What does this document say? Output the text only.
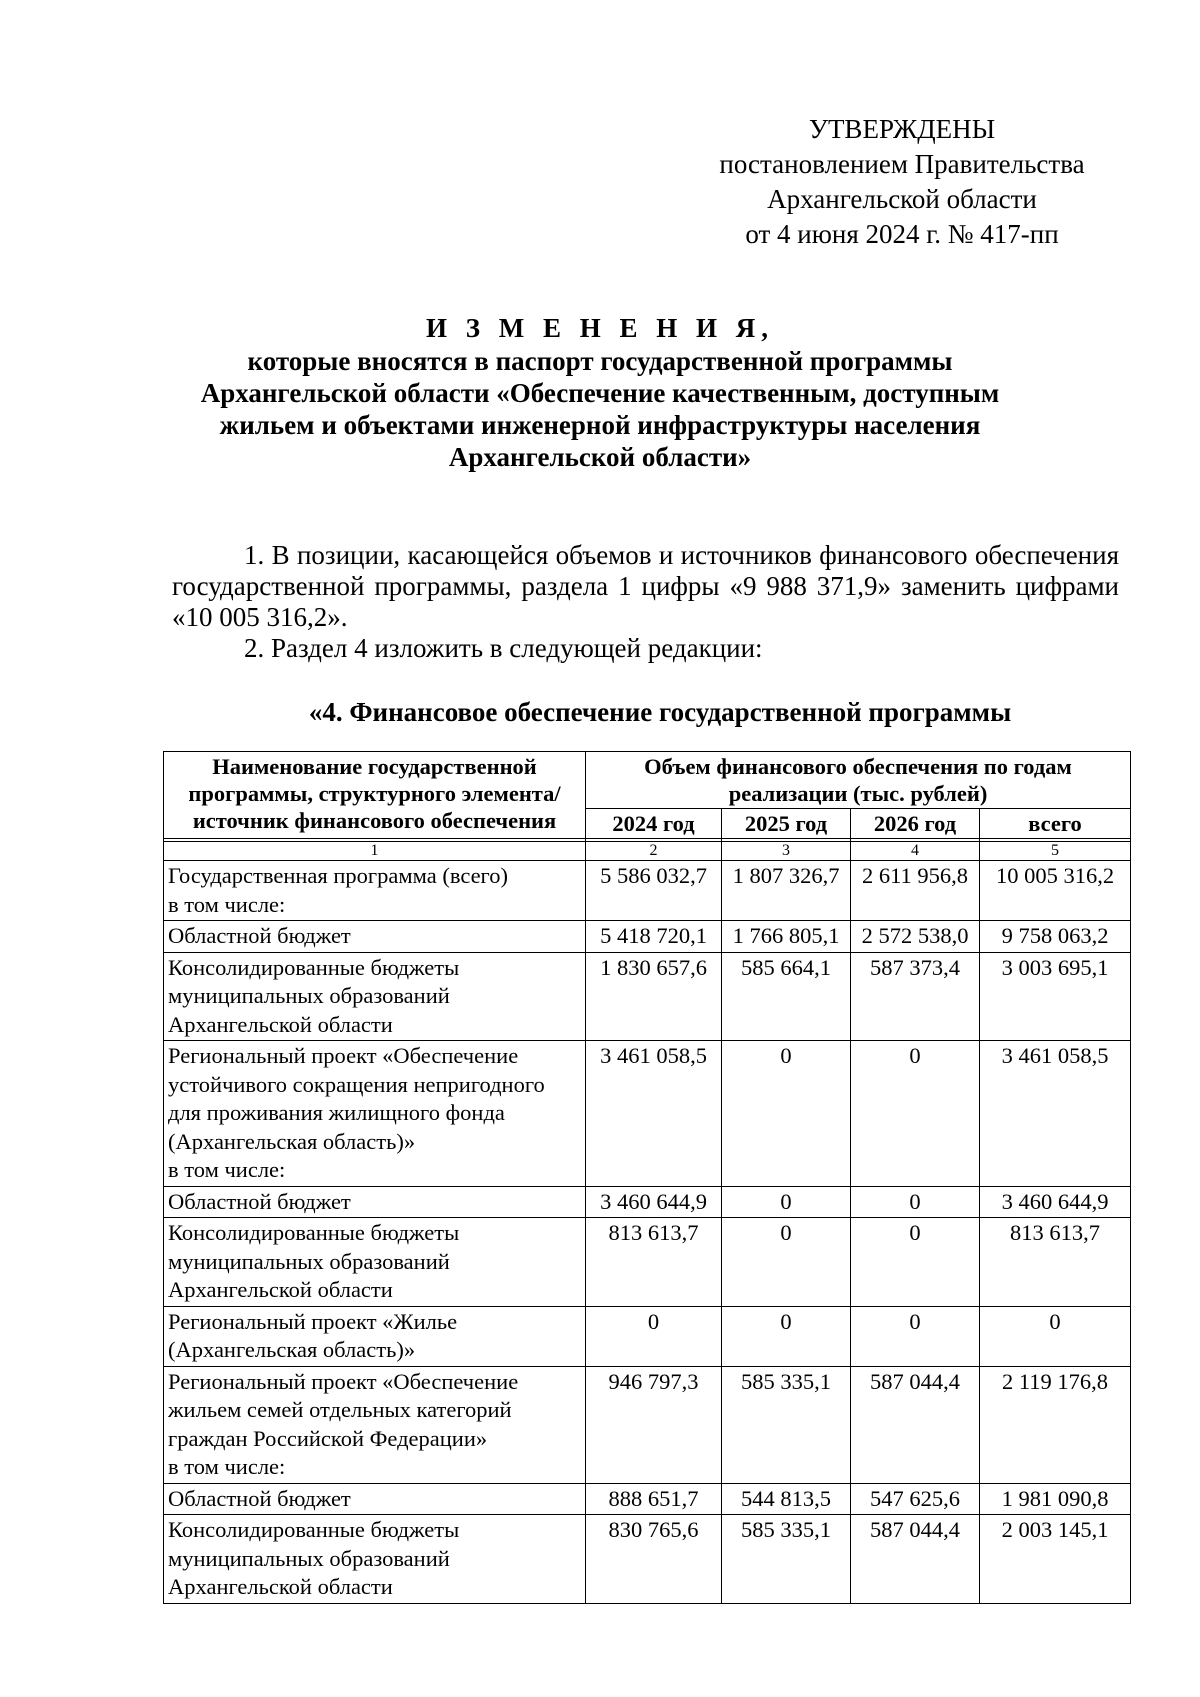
УТВЕРЖДЕНЫ
постановлением Правительства
Архангельской области
от 4 июня 2024 г. № 417-пп
И З М Е Н Е Н И Я,
которые вносятся в паспорт государственной программы
Архангельской области «Обеспечение качественным, доступным
жильем и объектами инженерной инфраструктуры населения
Архангельской области»
1. В позиции, касающейся объемов и источников финансового обеспечения государственной программы, раздела 1 цифры «9 988 371,9» заменить цифрами «10 005 316,2».
2. Раздел 4 изложить в следующей редакции:
«4. Финансовое обеспечение государственной программы
Наименование государственной программы, структурного элемента/ источник финансового обеспечения	Объем финансового обеспечения по годам реализации (тыс. рублей)			
	2024 год	2025 год	2026 год	всего

1	2	3	4	5

Государственная программа (всего)
в том числе:	5 586 032,7	1 807 326,7	2 611 956,8	10 005 316,2

Областной бюджет	5 418 720,1	1 766 805,1	2 572 538,0	9 758 063,2

Консолидированные бюджеты
муниципальных образований
Архангельской области	1 830 657,6	585 664,1	587 373,4	3 003 695,1

Региональный проект «Обеспечение
устойчивого сокращения непригодного
для проживания жилищного фонда
(Архангельская область)»
в том числе:	3 461 058,5	0	0	3 461 058,5

Областной бюджет	3 460 644,9	0	0	3 460 644,9

Консолидированные бюджеты
муниципальных образований
Архангельской области	813 613,7	0	0	813 613,7

Региональный проект «Жилье
(Архангельская область)»	0	0	0	0

Региональный проект «Обеспечение
жильем семей отдельных категорий
граждан Российской Федерации»
в том числе:	946 797,3	585 335,1	587 044,4	2 119 176,8

Областной бюджет	888 651,7	544 813,5	547 625,6	1 981 090,8

Консолидированные бюджеты
муниципальных образований
Архангельской области	830 765,6	585 335,1	587 044,4	2 003 145,1
